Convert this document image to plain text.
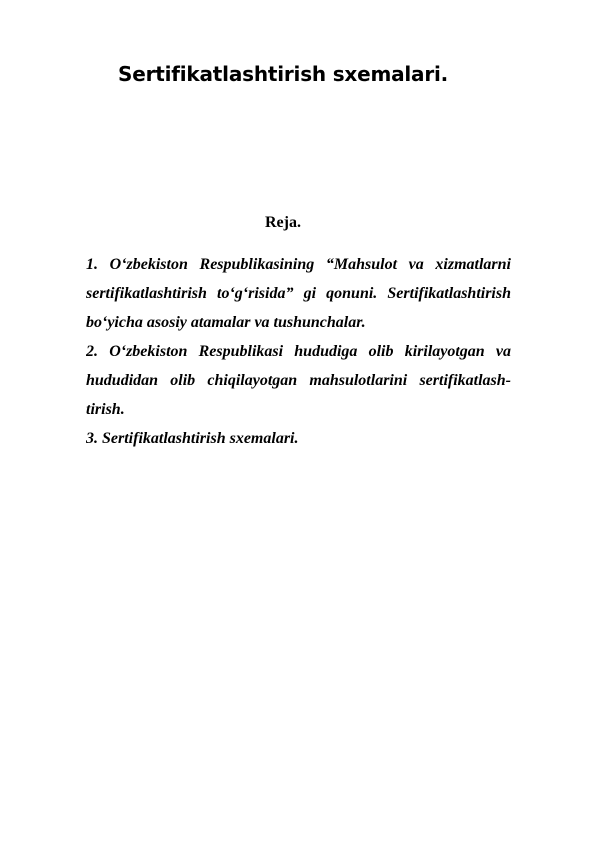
Sertifikatlashtirish sxemalari.

Reja.

1. O‘zbekiston Respublikasining “Mahsulot va xizmatlarni
sertifikatlashtirish to‘g‘risida” gi qonuni. Sertifikatlashtirish
bo‘yicha asosiy atamalar va tushunchalar.
2. O‘zbekiston Respublikasi hududiga olib kirilayotgan va
hududidan olib chiqilayotgan mahsulotlarini sertifikatlash-
tirish.
3. Sertifikatlashtirish sxemalari.
